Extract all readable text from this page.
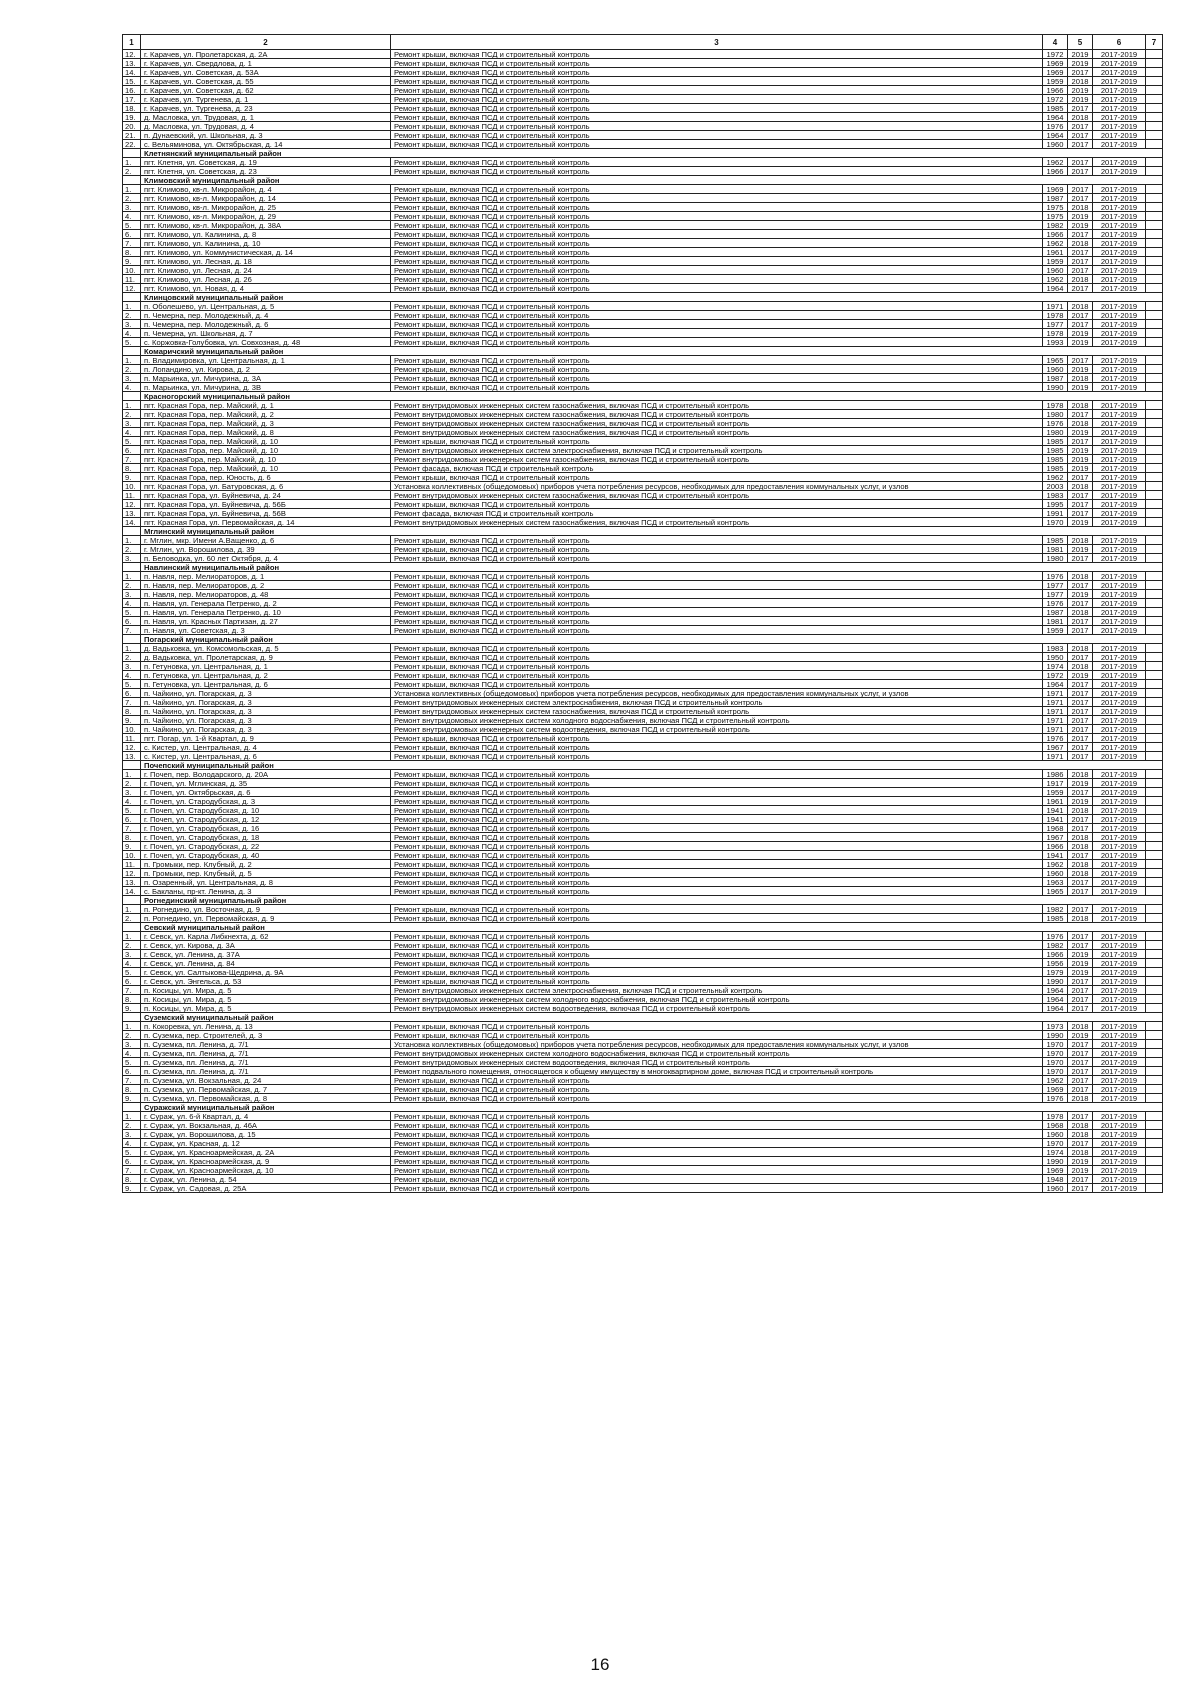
1	2	3	4	5	6	7
12.	г. Карачев, ул. Пролетарская, д. 2А	Ремонт крыши, включая ПСД и строительный контроль	1972	2019	2017-2019	
13.	г. Карачев, ул. Свердлова, д. 1	Ремонт крыши, включая ПСД и строительный контроль	1969	2019	2017-2019	
14.	г. Карачев, ул. Советская, д. 53А	Ремонт крыши, включая ПСД и строительный контроль	1969	2017	2017-2019	
15.	г. Карачев, ул. Советская, д. 55	Ремонт крыши, включая ПСД и строительный контроль	1959	2018	2017-2019	
16.	г. Карачев, ул. Советская, д. 62	Ремонт крыши, включая ПСД и строительный контроль	1966	2019	2017-2019	
17.	г. Карачев, ул. Тургенева, д. 1	Ремонт крыши, включая ПСД и строительный контроль	1972	2019	2017-2019	
18.	г. Карачев, ул. Тургенева, д. 23	Ремонт крыши, включая ПСД и строительный контроль	1985	2017	2017-2019	
19.	д. Масловка, ул. Трудовая, д. 1	Ремонт крыши, включая ПСД и строительный контроль	1964	2018	2017-2019	
20.	д. Масловка, ул. Трудовая, д. 4	Ремонт крыши, включая ПСД и строительный контроль	1976	2017	2017-2019	
21.	п. Дунаевский, ул. Школьная, д. 3	Ремонт крыши, включая ПСД и строительный контроль	1964	2017	2017-2019	
22.	с. Вельяминова, ул. Октябрьская, д. 14	Ремонт крыши, включая ПСД и строительный контроль	1960	2017	2017-2019	
	Клетнянский муниципальный район					
1.	пгт. Клетня, ул. Советская, д. 19	Ремонт крыши, включая ПСД и строительный контроль	1962	2017	2017-2019	
2.	пгт. Клетня, ул. Советская, д. 23	Ремонт крыши, включая ПСД и строительный контроль	1966	2017	2017-2019	
	Климовский муниципальный район					
1.	пгт. Климово, кв-л. Микрорайон, д. 4	Ремонт крыши, включая ПСД и строительный контроль	1969	2017	2017-2019	
2.	пгт. Климово, кв-л. Микрорайон, д. 14	Ремонт крыши, включая ПСД и строительный контроль	1987	2017	2017-2019	
3.	пгт. Климово, кв-л. Микрорайон, д. 25	Ремонт крыши, включая ПСД и строительный контроль	1975	2018	2017-2019	
4.	пгт. Климово, кв-л. Микрорайон, д. 29	Ремонт крыши, включая ПСД и строительный контроль	1975	2019	2017-2019	
5.	пгт. Климово, кв-л. Микрорайон, д. 38А	Ремонт крыши, включая ПСД и строительный контроль	1982	2019	2017-2019	
6.	пгт. Климово, ул. Калинина, д. 8	Ремонт крыши, включая ПСД и строительный контроль	1966	2017	2017-2019	
7.	пгт. Климово, ул. Калинина, д. 10	Ремонт крыши, включая ПСД и строительный контроль	1962	2018	2017-2019	
8.	пгт. Климово, ул. Коммунистическая, д. 14	Ремонт крыши, включая ПСД и строительный контроль	1961	2017	2017-2019	
9.	пгт. Климово, ул. Лесная, д. 18	Ремонт крыши, включая ПСД и строительный контроль	1959	2017	2017-2019	
10.	пгт. Климово, ул. Лесная, д. 24	Ремонт крыши, включая ПСД и строительный контроль	1960	2017	2017-2019	
11.	пгт. Климово, ул. Лесная, д. 26	Ремонт крыши, включая ПСД и строительный контроль	1962	2018	2017-2019	
12.	пгт. Климово, ул. Новая, д. 4	Ремонт крыши, включая ПСД и строительный контроль	1964	2017	2017-2019	
	Клинцовский муниципальный район					
1.	п. Оболешево, ул. Центральная, д. 5	Ремонт крыши, включая ПСД и строительный контроль	1971	2018	2017-2019	
2.	п. Чемерна, пер. Молодежный, д. 4	Ремонт крыши, включая ПСД и строительный контроль	1978	2017	2017-2019	
3.	п. Чемерна, пер. Молодежный, д. 6	Ремонт крыши, включая ПСД и строительный контроль	1977	2017	2017-2019	
4.	п. Чемерна, ул. Школьная, д. 7	Ремонт крыши, включая ПСД и строительный контроль	1978	2019	2017-2019	
5.	с. Коржовка-Голубовка, ул. Совхозная, д. 48	Ремонт крыши, включая ПСД и строительный контроль	1993	2019	2017-2019	
	Комаричский муниципальный район					
1.	п. Владимировка, ул. Центральная, д. 1	Ремонт крыши, включая ПСД и строительный контроль	1965	2017	2017-2019	
2.	п. Лопандино, ул. Кирова, д. 2	Ремонт крыши, включая ПСД и строительный контроль	1960	2019	2017-2019	
3.	п. Марьинка, ул. Мичурина, д. 3А	Ремонт крыши, включая ПСД и строительный контроль	1987	2018	2017-2019	
4.	п. Марьинка, ул. Мичурина, д. 3В	Ремонт крыши, включая ПСД и строительный контроль	1990	2019	2017-2019	
	Красногорский муниципальный район					
1.	пгт. Красная Гора, пер. Майский, д. 1	Ремонт внутридомовых инженерных систем газоснабжения, включая ПСД и строительный контроль	1978	2018	2017-2019	
2.	пгт. Красная Гора, пер. Майский, д. 2	Ремонт внутридомовых инженерных систем газоснабжения, включая ПСД и строительный контроль	1980	2017	2017-2019	
3.	пгт. Красная Гора, пер. Майский, д. 3	Ремонт внутридомовых инженерных систем газоснабжения, включая ПСД и строительный контроль	1976	2018	2017-2019	
4.	пгт. Красная Гора, пер. Майский, д. 8	Ремонт внутридомовых инженерных систем газоснабжения, включая ПСД и строительный контроль	1980	2019	2017-2019	
5.	пгт. Красная Гора, пер. Майский, д. 10	Ремонт крыши, включая ПСД и строительный контроль	1985	2017	2017-2019	
6.	пгт. Красная Гора, пер. Майский, д. 10	Ремонт внутридомовых инженерных систем электроснабжения, включая ПСД и строительный контроль	1985	2019	2017-2019	
7.	пгт. КраснаяГора, пер. Майский, д. 10	Ремонт внутридомовых инженерных систем газоснабжения, включая ПСД и строительный контроль	1985	2019	2017-2019	
8.	пгт. Красная Гора, пер. Майский, д. 10	Ремонт фасада, включая ПСД и строительный контроль	1985	2019	2017-2019	
9.	пгт. Красная Гора, пер. Юность, д. 6	Ремонт крыши, включая ПСД и строительный контроль	1962	2017	2017-2019	
10.	пгт. Красная Гора, ул. Батуровская, д. 6	Установка коллективных (общедомовых) приборов учета потребления ресурсов, необходимых для предоставления коммунальных услуг, и узлов	2003	2018	2017-2019	
11.	пгт. Красная Гора, ул. Буйневича, д. 24	Ремонт внутридомовых инженерных систем газоснабжения, включая ПСД и строительный контроль	1983	2017	2017-2019	
12.	пгт. Красная Гора, ул. Буйневича, д. 56Б	Ремонт крыши, включая ПСД и строительный контроль	1995	2017	2017-2019	
13.	пгт. Красная Гора, ул. Буйневича, д. 56В	Ремонт фасада, включая ПСД и строительный контроль	1991	2017	2017-2019	
14.	пгт. Красная Гора, ул. Первомайская, д. 14	Ремонт внутридомовых инженерных систем газоснабжения, включая ПСД и строительный контроль	1970	2019	2017-2019	
	Мглинский муниципальный район					
1.	г. Мглин, мкр. Имени А.Ващенко, д. 6	Ремонт крыши, включая ПСД и строительный контроль	1985	2018	2017-2019	
2.	г. Мглин, ул. Ворошилова, д. 39	Ремонт крыши, включая ПСД и строительный контроль	1981	2019	2017-2019	
3.	п. Беловодка, ул. 60 лет Октября, д. 4	Ремонт крыши, включая ПСД и строительный контроль	1980	2017	2017-2019	
	Навлинский муниципальный район					
1.	п. Навля, пер. Мелиораторов, д. 1	Ремонт крыши, включая ПСД и строительный контроль	1976	2018	2017-2019	
2.	п. Навля, пер. Мелиораторов, д. 2	Ремонт крыши, включая ПСД и строительный контроль	1977	2017	2017-2019	
3.	п. Навля, пер. Мелиораторов, д. 48	Ремонт крыши, включая ПСД и строительный контроль	1977	2019	2017-2019	
4.	п. Навля, ул. Генерала Петренко, д. 2	Ремонт крыши, включая ПСД и строительный контроль	1976	2017	2017-2019	
5.	п. Навля, ул. Генерала Петренко, д. 10	Ремонт крыши, включая ПСД и строительный контроль	1987	2018	2017-2019	
6.	п. Навля, ул. Красных Партизан, д. 27	Ремонт крыши, включая ПСД и строительный контроль	1981	2017	2017-2019	
7.	п. Навля, ул. Советская, д. 3	Ремонт крыши, включая ПСД и строительный контроль	1959	2017	2017-2019	
	Погарский муниципальный район					
1.	д. Вадьковка, ул. Комсомольская, д. 5	Ремонт крыши, включая ПСД и строительный контроль	1983	2018	2017-2019	
2.	д. Вадьковка, ул. Пролетарская, д. 9	Ремонт крыши, включая ПСД и строительный контроль	1950	2017	2017-2019	
3.	п. Гетуновка, ул. Центральная, д. 1	Ремонт крыши, включая ПСД и строительный контроль	1974	2018	2017-2019	
4.	п. Гетуновка, ул. Центральная, д. 2	Ремонт крыши, включая ПСД и строительный контроль	1972	2019	2017-2019	
5.	п. Гетуновка, ул. Центральная, д. 6	Ремонт крыши, включая ПСД и строительный контроль	1964	2017	2017-2019	
6.	п. Чайкино, ул. Погарская, д. 3	Установка коллективных (общедомовых) приборов учета потребления ресурсов, необходимых для предоставления коммунальных услуг, и узлов	1971	2017	2017-2019	
7.	п. Чайкино, ул. Погарская, д. 3	Ремонт внутридомовых инженерных систем электроснабжения, включая ПСД и строительный контроль	1971	2017	2017-2019	
8.	п. Чайкино, ул. Погарская, д. 3	Ремонт внутридомовых инженерных систем газоснабжения, включая ПСД и строительный контроль	1971	2017	2017-2019	
9.	п. Чайкино, ул. Погарская, д. 3	Ремонт внутридомовых инженерных систем холодного водоснабжения, включая ПСД и строительный контроль	1971	2017	2017-2019	
10.	п. Чайкино, ул. Погарская, д. 3	Ремонт внутридомовых инженерных систем водоотведения, включая ПСД и строительный контроль	1971	2017	2017-2019	
11.	пгт. Погар, ул. 1-й Квартал, д. 9	Ремонт крыши, включая ПСД и строительный контроль	1976	2017	2017-2019	
12.	с. Кистер, ул. Центральная, д. 4	Ремонт крыши, включая ПСД и строительный контроль	1967	2017	2017-2019	
13.	с. Кистер, ул. Центральная, д. 6	Ремонт крыши, включая ПСД и строительный контроль	1971	2017	2017-2019	
	Почепский муниципальный район					
1.	г. Почеп, пер. Володарского, д. 20А	Ремонт крыши, включая ПСД и строительный контроль	1986	2018	2017-2019	
2.	г. Почеп, ул. Мглинская, д. 35	Ремонт крыши, включая ПСД и строительный контроль	1917	2019	2017-2019	
3.	г. Почеп, ул. Октябрьская, д. 6	Ремонт крыши, включая ПСД и строительный контроль	1959	2017	2017-2019	
4.	г. Почеп, ул. Стародубская, д. 3	Ремонт крыши, включая ПСД и строительный контроль	1961	2019	2017-2019	
5.	г. Почеп, ул. Стародубская, д. 10	Ремонт крыши, включая ПСД и строительный контроль	1941	2018	2017-2019	
6.	г. Почеп, ул. Стародубская, д. 12	Ремонт крыши, включая ПСД и строительный контроль	1941	2017	2017-2019	
7.	г. Почеп, ул. Стародубская, д. 16	Ремонт крыши, включая ПСД и строительный контроль	1968	2017	2017-2019	
8.	г. Почеп, ул. Стародубская, д. 18	Ремонт крыши, включая ПСД и строительный контроль	1967	2018	2017-2019	
9.	г. Почеп, ул. Стародубская, д. 22	Ремонт крыши, включая ПСД и строительный контроль	1966	2018	2017-2019	
10.	г. Почеп, ул. Стародубская, д. 40	Ремонт крыши, включая ПСД и строительный контроль	1941	2017	2017-2019	
11.	п. Громыки, пер. Клубный, д. 2	Ремонт крыши, включая ПСД и строительный контроль	1962	2018	2017-2019	
12.	п. Громыки, пер. Клубный, д. 5	Ремонт крыши, включая ПСД и строительный контроль	1960	2018	2017-2019	
13.	п. Озаренный, ул. Центральная, д. 8	Ремонт крыши, включая ПСД и строительный контроль	1963	2017	2017-2019	
14.	с. Бакланы, пр-кт. Ленина, д. 3	Ремонт крыши, включая ПСД и строительный контроль	1965	2017	2017-2019	
	Рогнединский муниципальный район					
1.	п. Рогнедино, ул. Восточная, д. 9	Ремонт крыши, включая ПСД и строительный контроль	1982	2017	2017-2019	
2.	п. Рогнедино, ул. Первомайская, д. 9	Ремонт крыши, включая ПСД и строительный контроль	1985	2018	2017-2019	
	Севский муниципальный район					
1.	г. Севск, ул. Карла Либкнехта, д. 62	Ремонт крыши, включая ПСД и строительный контроль	1976	2017	2017-2019	
2.	г. Севск, ул. Кирова, д. 3А	Ремонт крыши, включая ПСД и строительный контроль	1982	2017	2017-2019	
3.	г. Севск, ул. Ленина, д. 37А	Ремонт крыши, включая ПСД и строительный контроль	1966	2019	2017-2019	
4.	г. Севск, ул. Ленина, д. 84	Ремонт крыши, включая ПСД и строительный контроль	1956	2019	2017-2019	
5.	г. Севск, ул. Салтыкова-Щедрина, д. 9А	Ремонт крыши, включая ПСД и строительный контроль	1979	2019	2017-2019	
6.	г. Севск, ул. Энгельса, д. 53	Ремонт крыши, включая ПСД и строительный контроль	1990	2017	2017-2019	
7.	п. Косицы, ул. Мира, д. 5	Ремонт внутридомовых инженерных систем электроснабжения, включая ПСД и строительный контроль	1964	2017	2017-2019	
8.	п. Косицы, ул. Мира, д. 5	Ремонт внутридомовых инженерных систем холодного водоснабжения, включая ПСД и строительный контроль	1964	2017	2017-2019	
9.	п. Косицы, ул. Мира, д. 5	Ремонт внутридомовых инженерных систем водоотведения, включая ПСД и строительный контроль	1964	2017	2017-2019	
	Суземский муниципальный район					
1.	п. Кокоревка, ул. Ленина, д. 13	Ремонт крыши, включая ПСД и строительный контроль	1973	2018	2017-2019	
2.	п. Суземка, пер. Строителей, д. 3	Ремонт крыши, включая ПСД и строительный контроль	1990	2019	2017-2019	
3.	п. Суземка, пл. Ленина, д. 7/1	Установка коллективных (общедомовых) приборов учета потребления ресурсов, необходимых для предоставления коммунальных услуг, и узлов	1970	2017	2017-2019	
4.	п. Суземка, пл. Ленина, д. 7/1	Ремонт внутридомовых инженерных систем холодного водоснабжения, включая ПСД и строительный контроль	1970	2017	2017-2019	
5.	п. Суземка, пл. Ленина, д. 7/1	Ремонт внутридомовых инженерных систем водоотведения, включая ПСД и строительный контроль	1970	2017	2017-2019	
6.	п. Суземка, пл. Ленина, д. 7/1	Ремонт подвального помещения, относящегося к общему имуществу в многоквартирном доме, включая ПСД и строительный контроль	1970	2017	2017-2019	
7.	п. Суземка, ул. Вокзальная, д. 24	Ремонт крыши, включая ПСД и строительный контроль	1962	2017	2017-2019	
8.	п. Суземка, ул. Первомайская, д. 7	Ремонт крыши, включая ПСД и строительный контроль	1969	2017	2017-2019	
9.	п. Суземка, ул. Первомайская, д. 8	Ремонт крыши, включая ПСД и строительный контроль	1976	2018	2017-2019	
	Суражский муниципальный район					
1.	г. Сураж, ул. 6-й Квартал, д. 4	Ремонт крыши, включая ПСД и строительный контроль	1978	2017	2017-2019	
2.	г. Сураж, ул. Вокзальная, д. 46А	Ремонт крыши, включая ПСД и строительный контроль	1968	2018	2017-2019	
3.	г. Сураж, ул. Ворошилова, д. 15	Ремонт крыши, включая ПСД и строительный контроль	1960	2018	2017-2019	
4.	г. Сураж, ул. Красная, д. 12	Ремонт крыши, включая ПСД и строительный контроль	1970	2017	2017-2019	
5.	г. Сураж, ул. Красноармейская, д. 2А	Ремонт крыши, включая ПСД и строительный контроль	1974	2018	2017-2019	
6.	г. Сураж, ул. Красноармейская, д. 9	Ремонт крыши, включая ПСД и строительный контроль	1990	2019	2017-2019	
7.	г. Сураж, ул. Красноармейская, д. 10	Ремонт крыши, включая ПСД и строительный контроль	1969	2019	2017-2019	
8.	г. Сураж, ул. Ленина, д. 54	Ремонт крыши, включая ПСД и строительный контроль	1948	2017	2017-2019	
9.	г. Сураж, ул. Садовая, д. 25А	Ремонт крыши, включая ПСД и строительный контроль	1960	2017	2017-2019	
16
